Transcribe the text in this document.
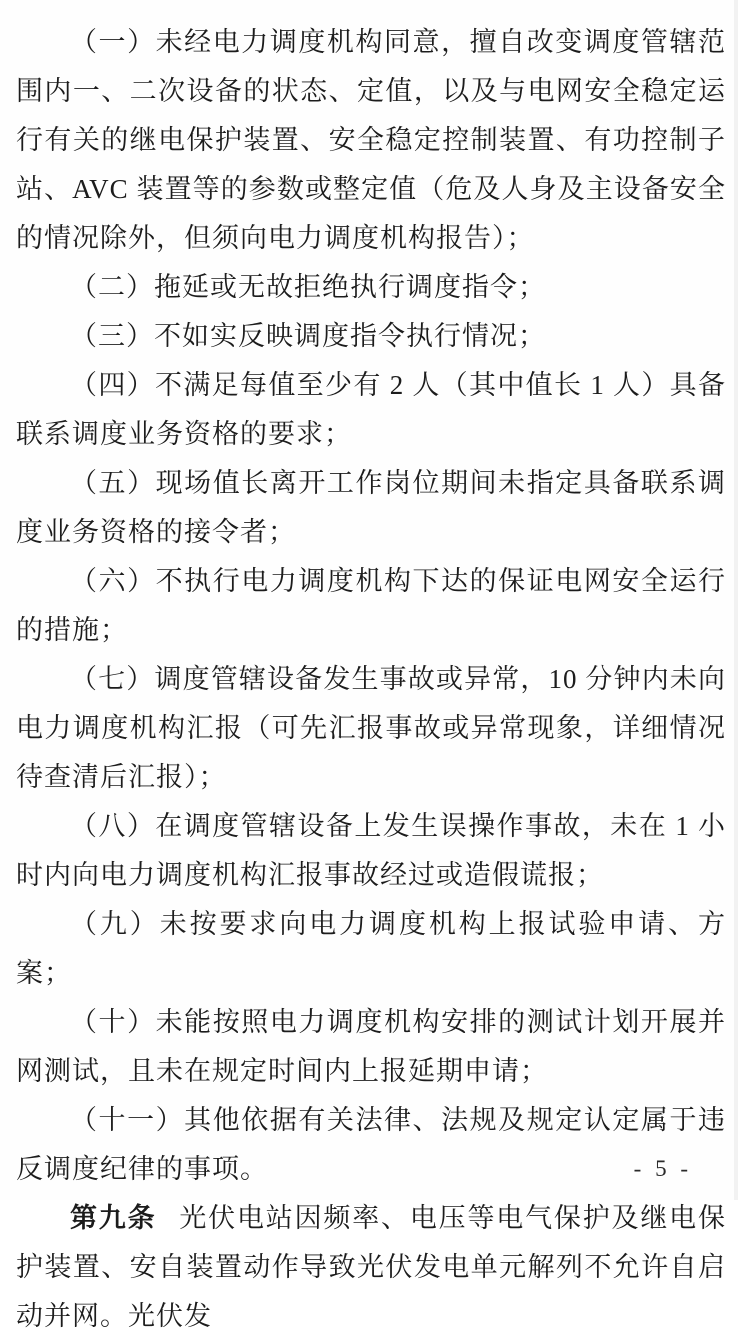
（一）未经电力调度机构同意，擅自改变调度管辖范围内一、二次设备的状态、定值，以及与电网安全稳定运行有关的继电保护装置、安全稳定控制装置、有功控制子站、AVC 装置等的参数或整定值（危及人身及主设备安全的情况除外，但须向电力调度机构报告）；

（二）拖延或无故拒绝执行调度指令；

（三）不如实反映调度指令执行情况；

（四）不满足每值至少有 2 人（其中值长 1 人）具备联系调度业务资格的要求；

（五）现场值长离开工作岗位期间未指定具备联系调度业务资格的接令者；

（六）不执行电力调度机构下达的保证电网安全运行的措施；

（七）调度管辖设备发生事故或异常，10 分钟内未向电力调度机构汇报（可先汇报事故或异常现象，详细情况待查清后汇报）；

（八）在调度管辖设备上发生误操作事故，未在 1 小时内向电力调度机构汇报事故经过或造假谎报；

（九）未按要求向电力调度机构上报试验申请、方案；

（十）未能按照电力调度机构安排的测试计划开展并网测试，且未在规定时间内上报延期申请；

（十一）其他依据有关法律、法规及规定认定属于违反调度纪律的事项。

第九条 光伏电站因频率、电压等电气保护及继电保护装置、安自装置动作导致光伏发电单元解列不允许自启动并网。光伏发

- 5 -
